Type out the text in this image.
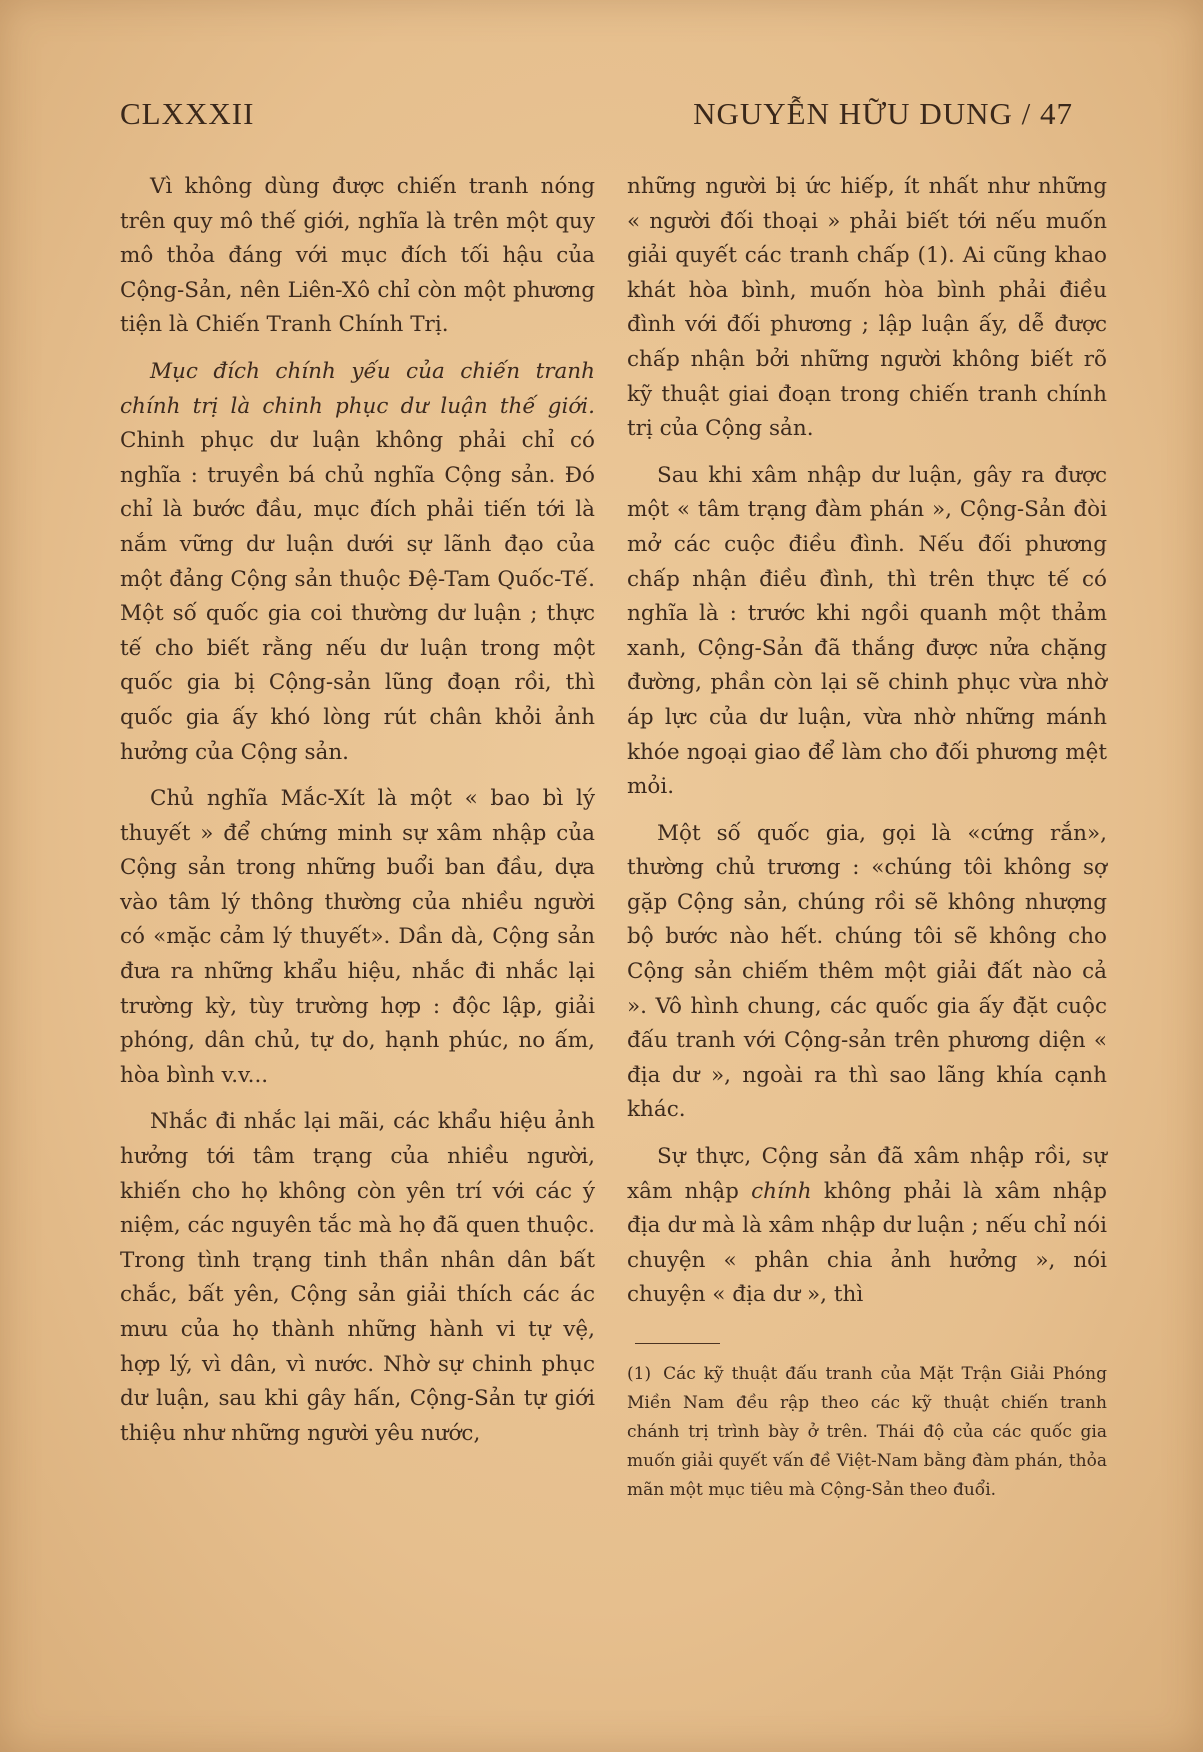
CLXXXII	NGUYỄN HỮU DUNG / 47

Vì không dùng được chiến tranh nóng trên quy mô thế giới, nghĩa là trên một quy mô thỏa đáng với mục đích tối hậu của Cộng-Sản, nên Liên-Xô chỉ còn một phương tiện là Chiến Tranh Chính Trị.

Mục đích chính yếu của chiến tranh chính trị là chinh phục dư luận thế giới. Chinh phục dư luận không phải chỉ có nghĩa : truyền bá chủ nghĩa Cộng sản. Đó chỉ là bước đầu, mục đích phải tiến tới là nắm vững dư luận dưới sự lãnh đạo của một đảng Cộng sản thuộc Đệ-Tam Quốc-Tế. Một số quốc gia coi thường dư luận ; thực tế cho biết rằng nếu dư luận trong một quốc gia bị Cộng-sản lũng đoạn rồi, thì quốc gia ấy khó lòng rút chân khỏi ảnh hưởng của Cộng sản.

Chủ nghĩa Mắc-Xít là một « bao bì lý thuyết » để chứng minh sự xâm nhập của Cộng sản trong những buổi ban đầu, dựa vào tâm lý thông thường của nhiều người có «mặc cảm lý thuyết». Dần dà, Cộng sản đưa ra những khẩu hiệu, nhắc đi nhắc lại trường kỳ, tùy trường hợp : độc lập, giải phóng, dân chủ, tự do, hạnh phúc, no ấm, hòa bình v.v...

Nhắc đi nhắc lại mãi, các khẩu hiệu ảnh hưởng tới tâm trạng của nhiều người, khiến cho họ không còn yên trí với các ý niệm, các nguyên tắc mà họ đã quen thuộc. Trong tình trạng tinh thần nhân dân bất chắc, bất yên, Cộng sản giải thích các ác mưu của họ thành những hành vi tự vệ, hợp lý, vì dân, vì nước. Nhờ sự chinh phục dư luận, sau khi gây hấn, Cộng-Sản tự giới thiệu như những người yêu nước,

những người bị ức hiếp, ít nhất như những « người đối thoại » phải biết tới nếu muốn giải quyết các tranh chấp (1). Ai cũng khao khát hòa bình, muốn hòa bình phải điều đình với đối phương ; lập luận ấy, dễ được chấp nhận bởi những người không biết rõ kỹ thuật giai đoạn trong chiến tranh chính trị của Cộng sản.

Sau khi xâm nhập dư luận, gây ra được một « tâm trạng đàm phán », Cộng-Sản đòi mở các cuộc điều đình. Nếu đối phương chấp nhận điều đình, thì trên thực tế có nghĩa là : trước khi ngồi quanh một thảm xanh, Cộng-Sản đã thắng được nửa chặng đường, phần còn lại sẽ chinh phục vừa nhờ áp lực của dư luận, vừa nhờ những mánh khóe ngoại giao để làm cho đối phương mệt mỏi.

Một số quốc gia, gọi là «cứng rắn», thường chủ trương : «chúng tôi không sợ gặp Cộng sản, chúng rồi sẽ không nhượng bộ bước nào hết. chúng tôi sẽ không cho Cộng sản chiếm thêm một giải đất nào cả ». Vô hình chung, các quốc gia ấy đặt cuộc đấu tranh với Cộng-sản trên phương diện « địa dư », ngoài ra thì sao lãng khía cạnh khác.

Sự thực, Cộng sản đã xâm nhập rồi, sự xâm nhập chính không phải là xâm nhập địa dư mà là xâm nhập dư luận ; nếu chỉ nói chuyện « phân chia ảnh hưởng », nói chuyện « địa dư », thì

(1) Các kỹ thuật đấu tranh của Mặt Trận Giải Phóng Miền Nam đều rập theo các kỹ thuật chiến tranh chánh trị trình bày ở trên. Thái độ của các quốc gia muốn giải quyết vấn đề Việt-Nam bằng đàm phán, thỏa mãn một mục tiêu mà Cộng-Sản theo đuổi.
